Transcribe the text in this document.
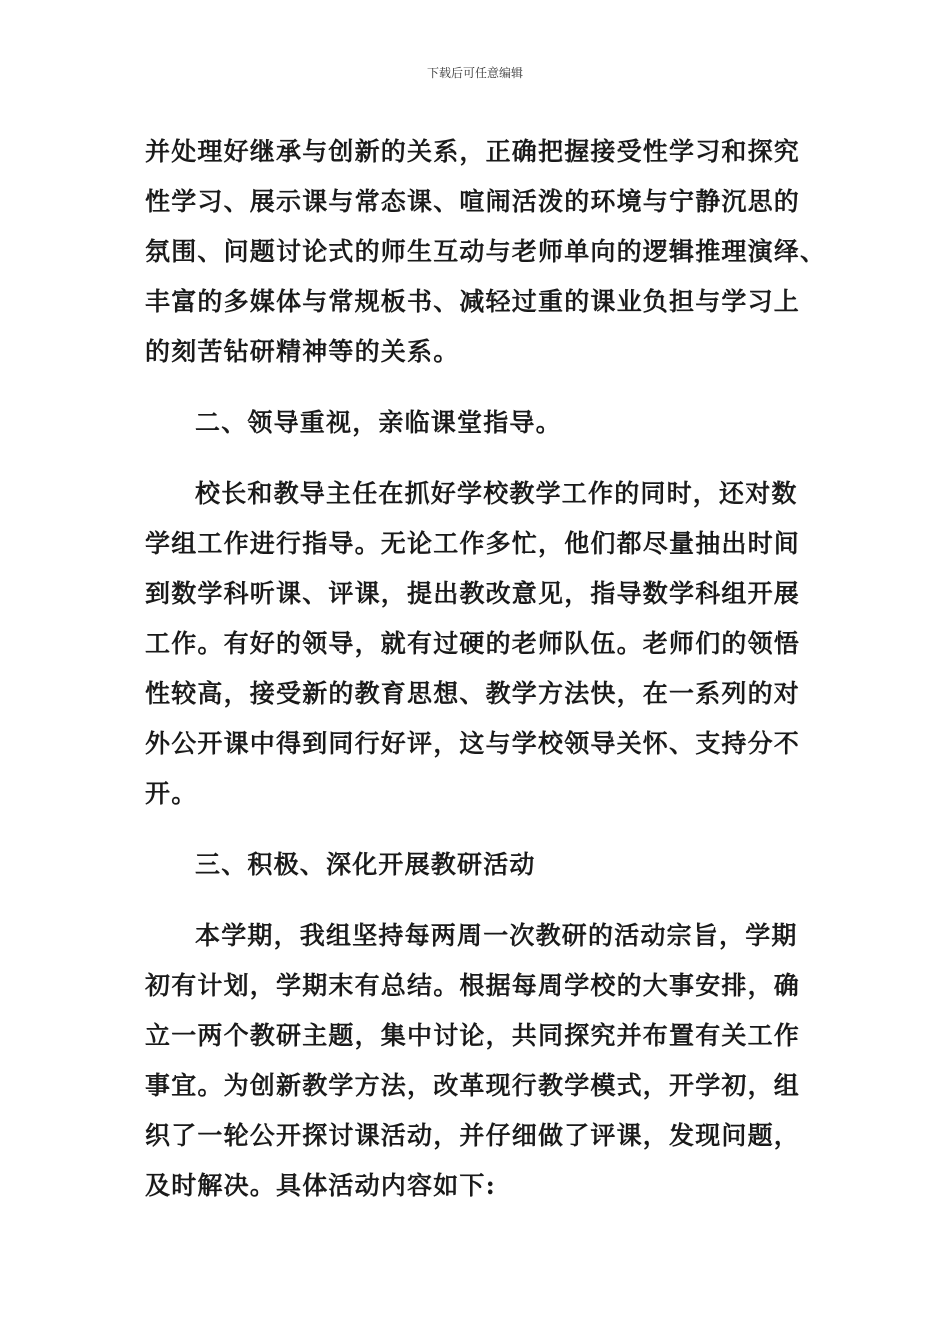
下载后可任意编辑
并处理好继承与创新的关系，正确把握接受性学习和探究
性学习、展示课与常态课、喧闹活泼的环境与宁静沉思的
氛围、问题讨论式的师生互动与老师单向的逻辑推理演绎、
丰富的多媒体与常规板书、减轻过重的课业负担与学习上
的刻苦钻研精神等的关系。
二、领导重视，亲临课堂指导。
校长和教导主任在抓好学校教学工作的同时，还对数
学组工作进行指导。无论工作多忙，他们都尽量抽出时间
到数学科听课、评课，提出教改意见，指导数学科组开展
工作。有好的领导，就有过硬的老师队伍。老师们的领悟
性较高，接受新的教育思想、教学方法快，在一系列的对
外公开课中得到同行好评，这与学校领导关怀、支持分不
开。
三、积极、深化开展教研活动
本学期，我组坚持每两周一次教研的活动宗旨，学期
初有计划，学期末有总结。根据每周学校的大事安排，确
立一两个教研主题，集中讨论，共同探究并布置有关工作
事宜。为创新教学方法，改革现行教学模式，开学初，组
织了一轮公开探讨课活动，并仔细做了评课，发现问题，
及时解决。具体活动内容如下:
